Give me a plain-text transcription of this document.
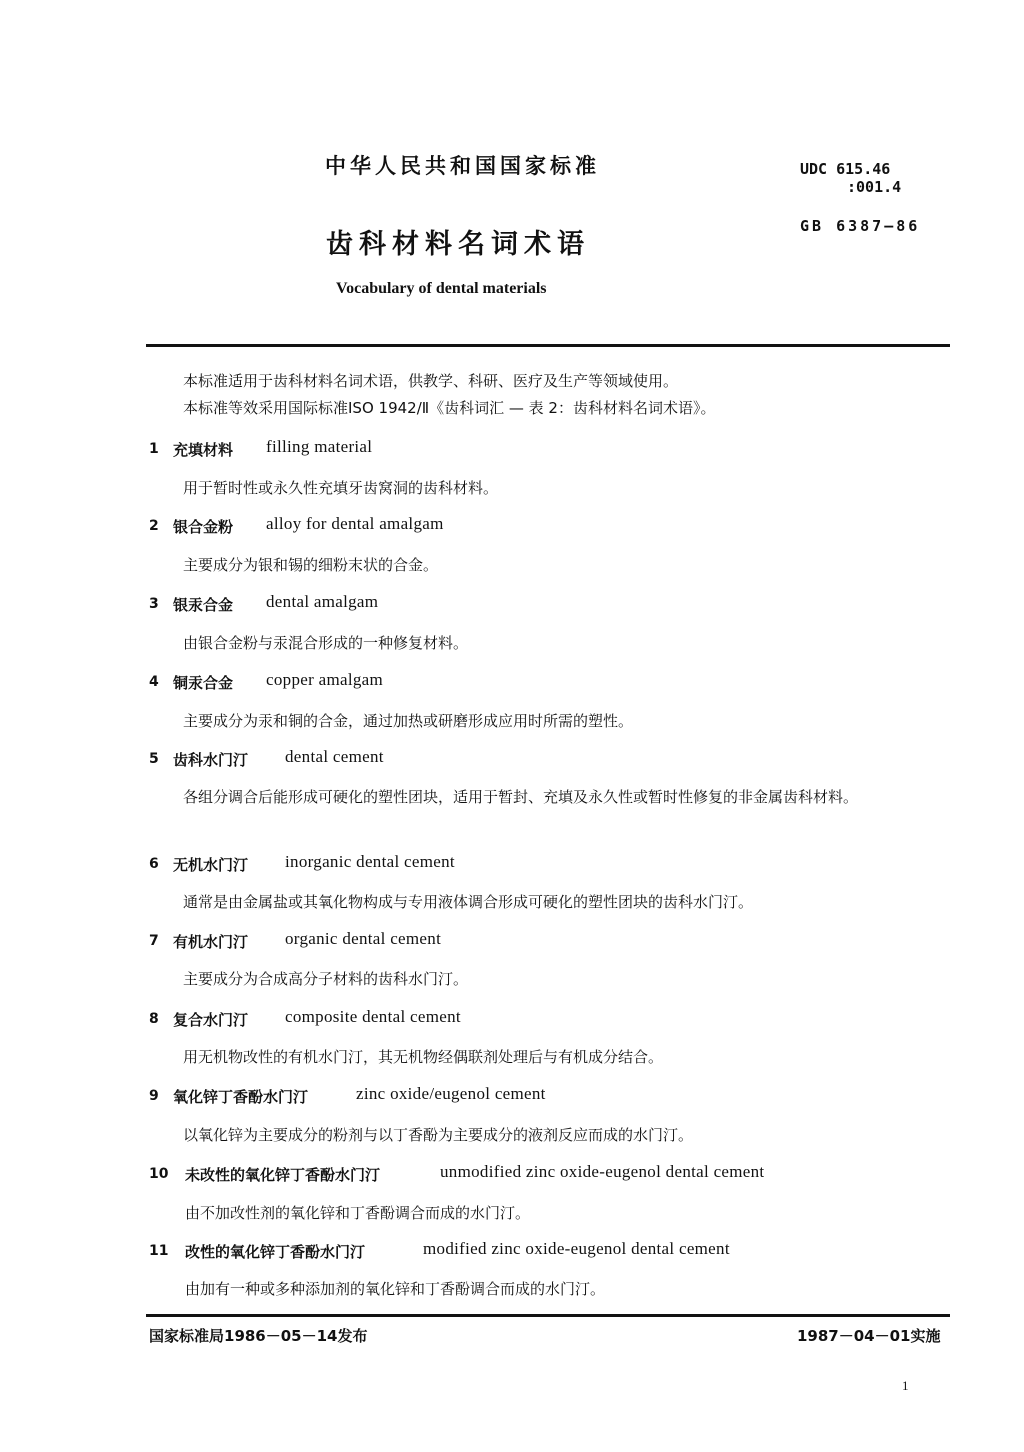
中华人民共和国国家标准
齿科材料名词术语
Vocabulary of dental materials
UDC 615.46
:001.4
GB 6387—86
本标准适用于齿科材料名词术语，供教学、科研、医疗及生产等领域使用。
本标准等效采用国际标准ISO 1942/Ⅱ《齿科词汇 — 表 2：齿科材料名词术语》。
1 充填材料 filling material
用于暂时性或永久性充填牙齿窝洞的齿科材料。
2 银合金粉 alloy for dental amalgam
主要成分为银和锡的细粉末状的合金。
3 银汞合金 dental amalgam
由银合金粉与汞混合形成的一种修复材料。
4 铜汞合金 copper amalgam
主要成分为汞和铜的合金，通过加热或研磨形成应用时所需的塑性。
5 齿科水门汀 dental cement
各组分调合后能形成可硬化的塑性团块，适用于暂封、充填及永久性或暂时性修复的非金属齿科材料。
6 无机水门汀 inorganic dental cement
通常是由金属盐或其氧化物构成与专用液体调合形成可硬化的塑性团块的齿科水门汀。
7 有机水门汀 organic dental cement
主要成分为合成高分子材料的齿科水门汀。
8 复合水门汀 composite dental cement
用无机物改性的有机水门汀，其无机物经偶联剂处理后与有机成分结合。
9 氧化锌丁香酚水门汀	zinc oxide/eugenol cement
以氧化锌为主要成分的粉剂与以丁香酚为主要成分的液剂反应而成的水门汀。
10 未改性的氧化锌丁香酚水门汀	unmodified zinc oxide-eugenol dental cement
由不加改性剂的氧化锌和丁香酚调合而成的水门汀。
11 改性的氧化锌丁香酚水门汀	modified zinc oxide-eugenol dental cement
由加有一种或多种添加剂的氧化锌和丁香酚调合而成的水门汀。
国家标准局1986－05－14发布	1987－04－01实施
1
